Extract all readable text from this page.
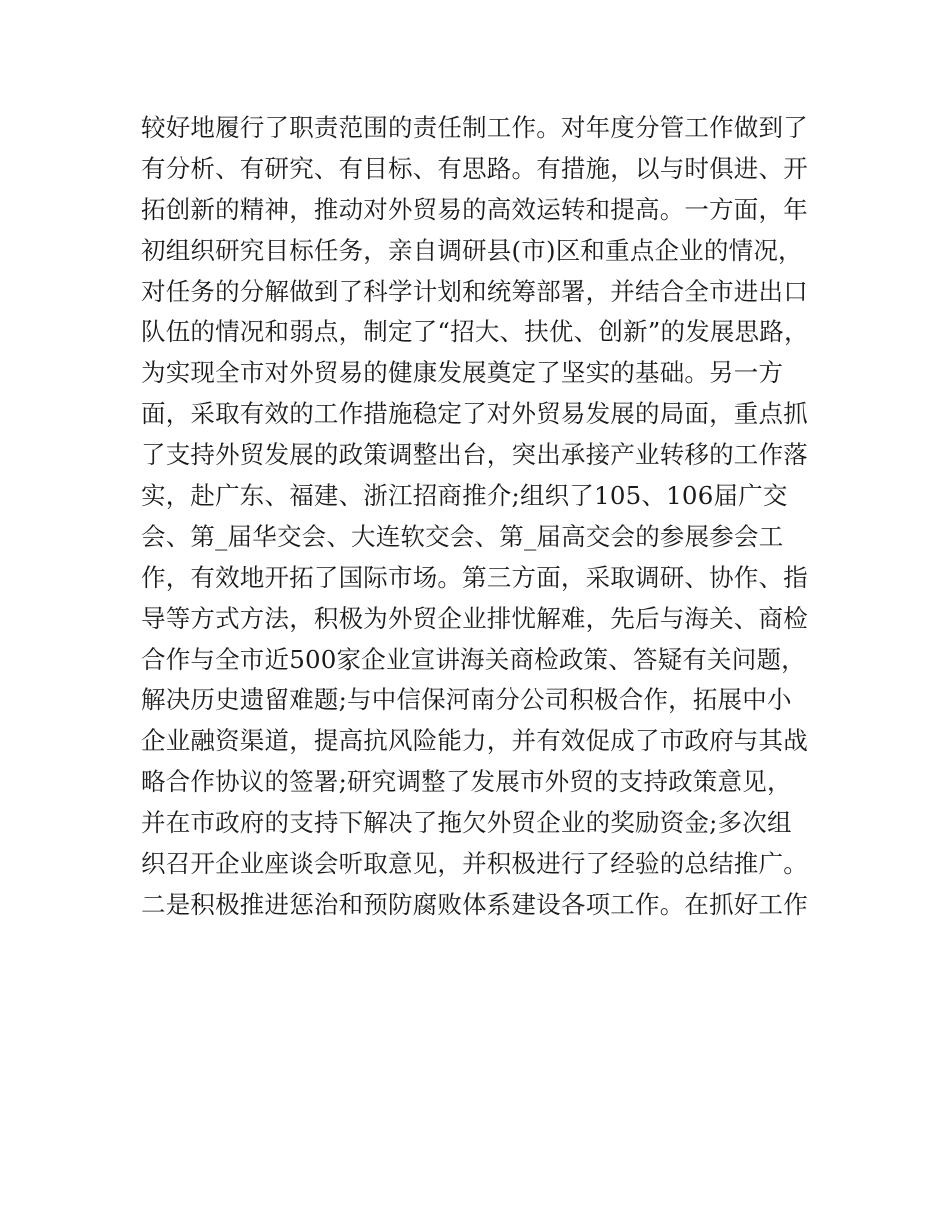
较好地履行了职责范围的责任制工作。对年度分管工作做到了
有分析、有研究、有目标、有思路。有措施，以与时俱进、开
拓创新的精神，推动对外贸易的高效运转和提高。一方面，年
初组织研究目标任务，亲自调研县(市)区和重点企业的情况，
对任务的分解做到了科学计划和统筹部署，并结合全市进出口
队伍的情况和弱点，制定了“招大、扶优、创新”的发展思路，
为实现全市对外贸易的健康发展奠定了坚实的基础。另一方
面，采取有效的工作措施稳定了对外贸易发展的局面，重点抓
了支持外贸发展的政策调整出台，突出承接产业转移的工作落
实，赴广东、福建、浙江招商推介;组织了105、106届广交
会、第_届华交会、大连软交会、第_届高交会的参展参会工
作，有效地开拓了国际市场。第三方面，采取调研、协作、指
导等方式方法，积极为外贸企业排忧解难，先后与海关、商检
合作与全市近500家企业宣讲海关商检政策、答疑有关问题，
解决历史遗留难题;与中信保河南分公司积极合作，拓展中小
企业融资渠道，提高抗风险能力，并有效促成了市政府与其战
略合作协议的签署;研究调整了发展市外贸的支持政策意见，
并在市政府的支持下解决了拖欠外贸企业的奖励资金;多次组
织召开企业座谈会听取意见，并积极进行了经验的总结推广。
二是积极推进惩治和预防腐败体系建设各项工作。在抓好工作
